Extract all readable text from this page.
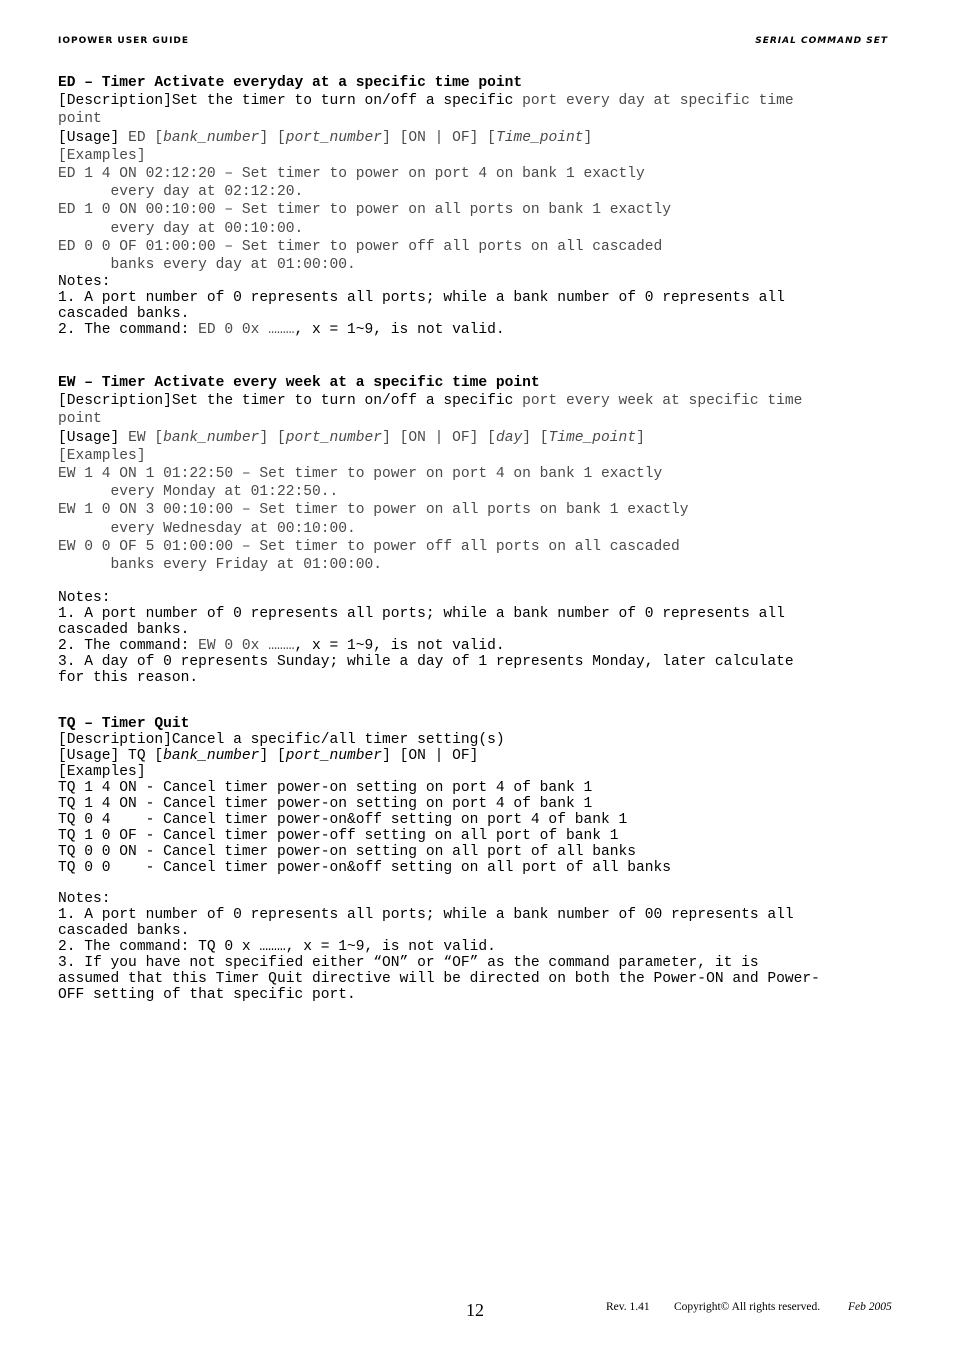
IOPOWER USER GUIDE	SERIAL COMMAND SET
ED – Timer Activate everyday at a specific time point
[Description]Set the timer to turn on/off a specific port every day at specific time
point
[Usage] ED [bank_number] [port_number] [ON | OF] [Time_point]
[Examples]
ED 1 4 ON 02:12:20 – Set timer to power on port 4 on bank 1 exactly
every day at 02:12:20.
ED 1 0 ON 00:10:00 – Set timer to power on all ports on bank 1 exactly
every day at 00:10:00.
ED 0 0 OF 01:00:00 – Set timer to power off all ports on all cascaded
banks every day at 01:00:00.
Notes:
1. A port number of 0 represents all ports; while a bank number of 0 represents all
cascaded banks.
2. The command: ED 0 0x ………, x = 1~9, is not valid.
EW – Timer Activate every week at a specific time point
[Description]Set the timer to turn on/off a specific port every week at specific time
point
[Usage] EW [bank_number] [port_number] [ON | OF] [day] [Time_point]
[Examples]
EW 1 4 ON 1 01:22:50 – Set timer to power on port 4 on bank 1 exactly
every Monday at 01:22:50..
EW 1 0 ON 3 00:10:00 – Set timer to power on all ports on bank 1 exactly
every Wednesday at 00:10:00.
EW 0 0 OF 5 01:00:00 – Set timer to power off all ports on all cascaded
banks every Friday at 01:00:00.
Notes:
1. A port number of 0 represents all ports; while a bank number of 0 represents all
cascaded banks.
2. The command: EW 0 0x ………, x = 1~9, is not valid.
3. A day of 0 represents Sunday; while a day of 1 represents Monday, later calculate
for this reason.
TQ – Timer Quit
[Description]Cancel a specific/all timer setting(s)
[Usage] TQ [bank_number] [port_number] [ON | OF]
[Examples]
TQ 1 4 ON - Cancel timer power-on setting on port 4 of bank 1
TQ 1 4 ON - Cancel timer power-on setting on port 4 of bank 1
TQ 0 4    - Cancel timer power-on&off setting on port 4 of bank 1
TQ 1 0 OF - Cancel timer power-off setting on all port of bank 1
TQ 0 0 ON - Cancel timer power-on setting on all port of all banks
TQ 0 0    - Cancel timer power-on&off setting on all port of all banks
Notes:
1. A port number of 0 represents all ports; while a bank number of 00 represents all
cascaded banks.
2. The command: TQ 0 x ………, x = 1~9, is not valid.
3. If you have not specified either “ON” or “OF” as the command parameter, it is
assumed that this Timer Quit directive will be directed on both the Power-ON and Power-
OFF setting of that specific port.
12	Rev. 1.41 Copyright© All rights reserved. Feb 2005
